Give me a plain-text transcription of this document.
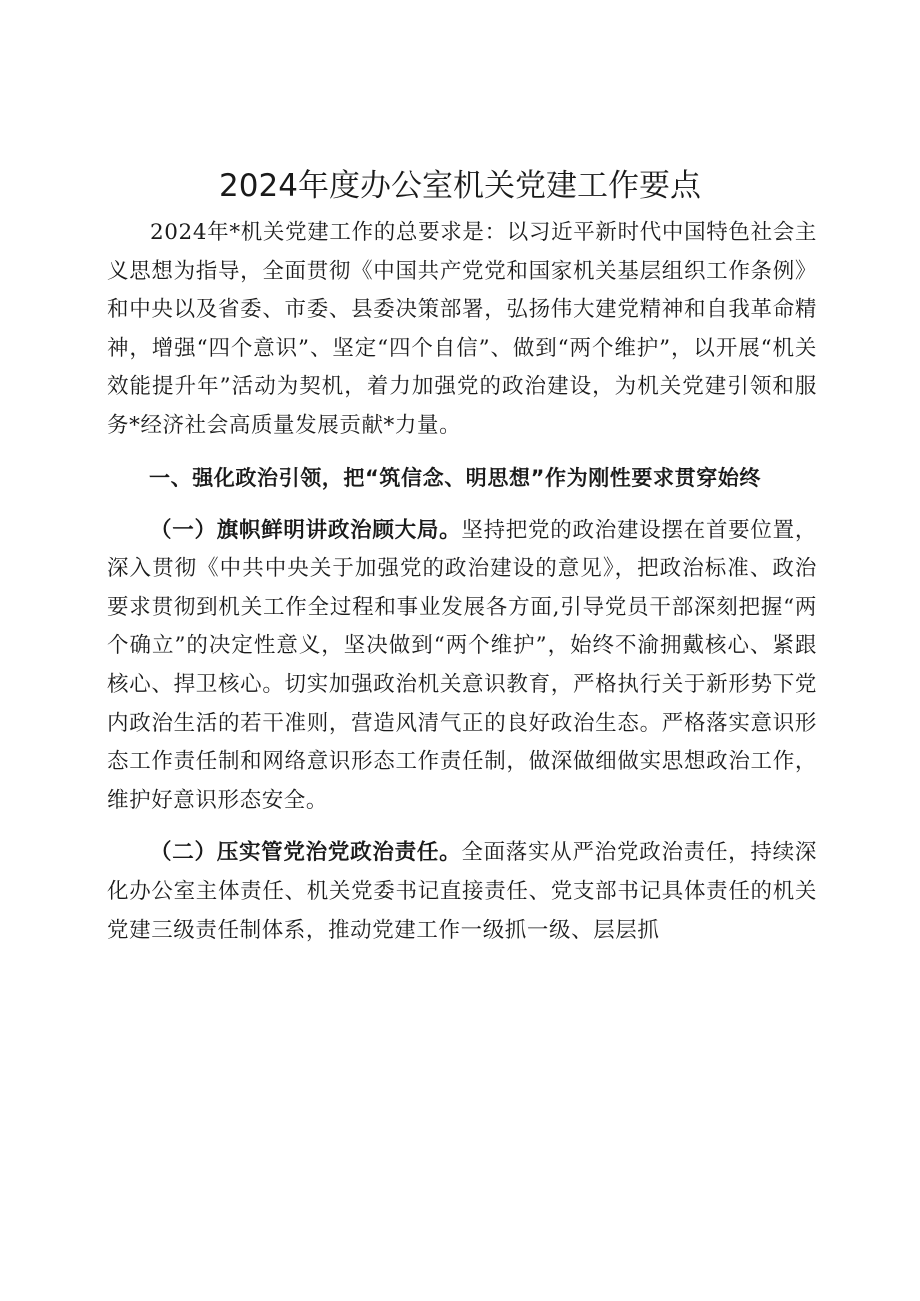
2024年度办公室机关党建工作要点

2024年*机关党建工作的总要求是：以习近平新时代中国特色社会主义思想为指导，全面贯彻《中国共产党党和国家机关基层组织工作条例》和中央以及省委、市委、县委决策部署，弘扬伟大建党精神和自我革命精神，增强“四个意识”、坚定“四个自信”、做到“两个维护”，以开展“机关效能提升年”活动为契机，着力加强党的政治建设，为机关党建引领和服务*经济社会高质量发展贡献*力量。

一、强化政治引领，把“筑信念、明思想”作为刚性要求贯穿始终

（一）旗帜鲜明讲政治顾大局。坚持把党的政治建设摆在首要位置，深入贯彻《中共中央关于加强党的政治建设的意见》，把政治标准、政治要求贯彻到机关工作全过程和事业发展各方面,引导党员干部深刻把握“两个确立”的决定性意义，坚决做到“两个维护”，始终不渝拥戴核心、紧跟核心、捍卫核心。切实加强政治机关意识教育，严格执行关于新形势下党内政治生活的若干准则，营造风清气正的良好政治生态。严格落实意识形态工作责任制和网络意识形态工作责任制，做深做细做实思想政治工作，维护好意识形态安全。

（二）压实管党治党政治责任。全面落实从严治党政治责任，持续深化办公室主体责任、机关党委书记直接责任、党支部书记具体责任的机关党建三级责任制体系，推动党建工作一级抓一级、层层抓
